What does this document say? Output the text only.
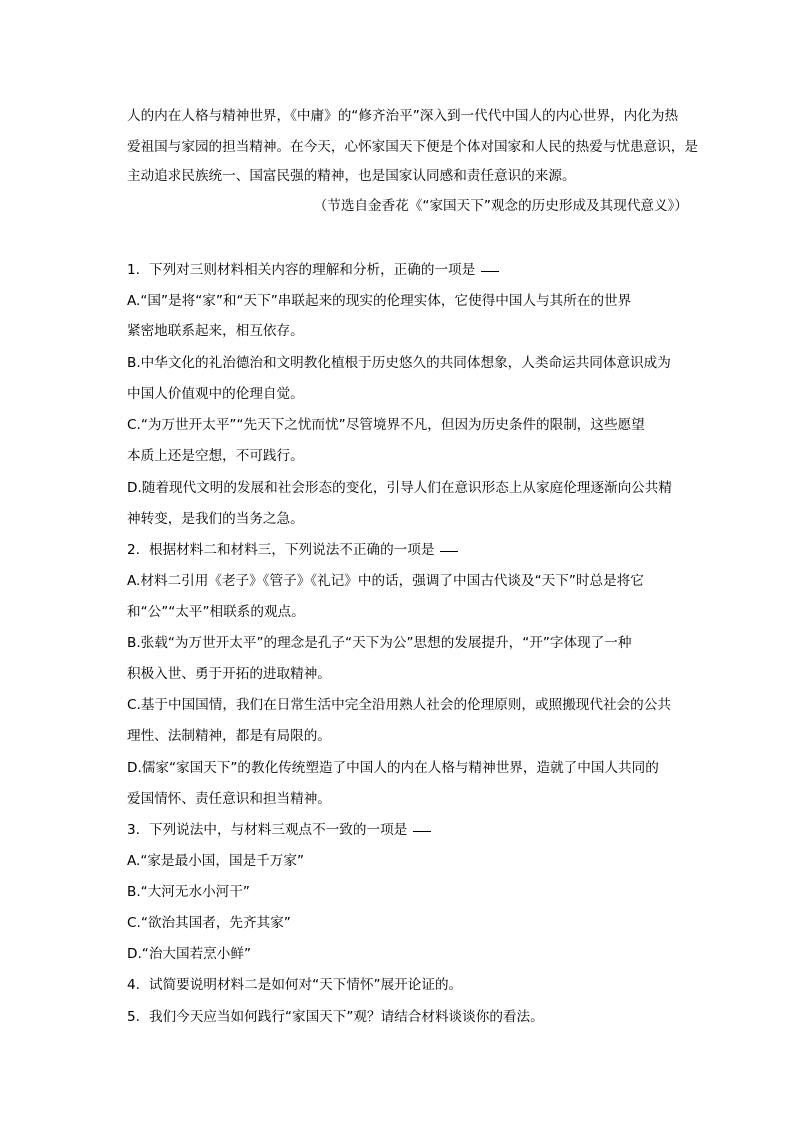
人的内在人格与精神世界，《中庸》的“修齐治平”深入到一代代中国人的内心世界，内化为热
爱祖国与家园的担当精神。在今天，心怀家国天下便是个体对国家和人民的热爱与忧患意识，是
主动追求民族统一、国富民强的精神，也是国家认同感和责任意识的来源。
（节选自金香花《“家国天下”观念的历史形成及其现代意义》）
1. 下列对三则材料相关内容的理解和分析，正确的一项是
A.“国”是将“家”和“天下”串联起来的现实的伦理实体，它使得中国人与其所在的世界
紧密地联系起来，相互依存。
B.中华文化的礼治德治和文明教化植根于历史悠久的共同体想象，人类命运共同体意识成为
中国人价值观中的伦理自觉。
C.“为万世开太平”“先天下之忧而忧”尽管境界不凡，但因为历史条件的限制，这些愿望
本质上还是空想，不可践行。
D.随着现代文明的发展和社会形态的变化，引导人们在意识形态上从家庭伦理逐渐向公共精
神转变，是我们的当务之急。
2. 根据材料二和材料三，下列说法不正确的一项是
A.材料二引用《老子》《管子》《礼记》中的话，强调了中国古代谈及“天下”时总是将它
和“公”“太平”相联系的观点。
B.张载“为万世开太平”的理念是孔子“天下为公”思想的发展提升，“开”字体现了一种
积极入世、勇于开拓的进取精神。
C.基于中国国情，我们在日常生活中完全沿用熟人社会的伦理原则，或照搬现代社会的公共
理性、法制精神，都是有局限的。
D.儒家“家国天下”的教化传统塑造了中国人的内在人格与精神世界，造就了中国人共同的
爱国情怀、责任意识和担当精神。
3. 下列说法中，与材料三观点不一致的一项是
A.“家是最小国，国是千万家”
B.“大河无水小河干”
C.“欲治其国者，先齐其家”
D.“治大国若烹小鲜”
4. 试简要说明材料二是如何对“天下情怀”展开论证的。
5. 我们今天应当如何践行“家国天下”观？请结合材料谈谈你的看法。
